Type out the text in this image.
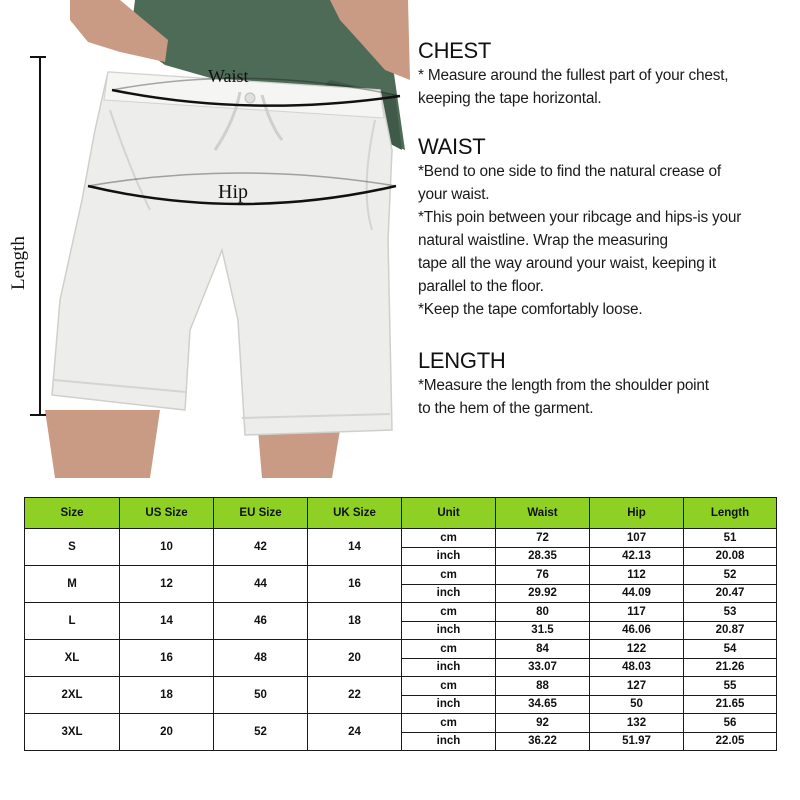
Waist
Hip
Length
CHEST

* Measure around the fullest part of your chest,

keeping the tape horizontal.

WAIST

*Bend to one side to find the natural crease of

your waist.

*This poin between your ribcage and hips-is your

natural waistline. Wrap the measuring

tape all the way around your waist, keeping it

parallel to the floor.

*Keep the tape comfortably loose.

LENGTH

*Measure the length from the shoulder point

to the hem of the garment.

Size	US Size	EU Size	UK Size	Unit	Waist	Hip	Length
S	10	42	14	cm	72	107	51
				inch	28.35	42.13	20.08
M	12	44	16	cm	76	112	52
				inch	29.92	44.09	20.47
L	14	46	18	cm	80	117	53
				inch	31.5	46.06	20.87
XL	16	48	20	cm	84	122	54
				inch	33.07	48.03	21.26
2XL	18	50	22	cm	88	127	55
				inch	34.65	50	21.65
3XL	20	52	24	cm	92	132	56
				inch	36.22	51.97	22.05
